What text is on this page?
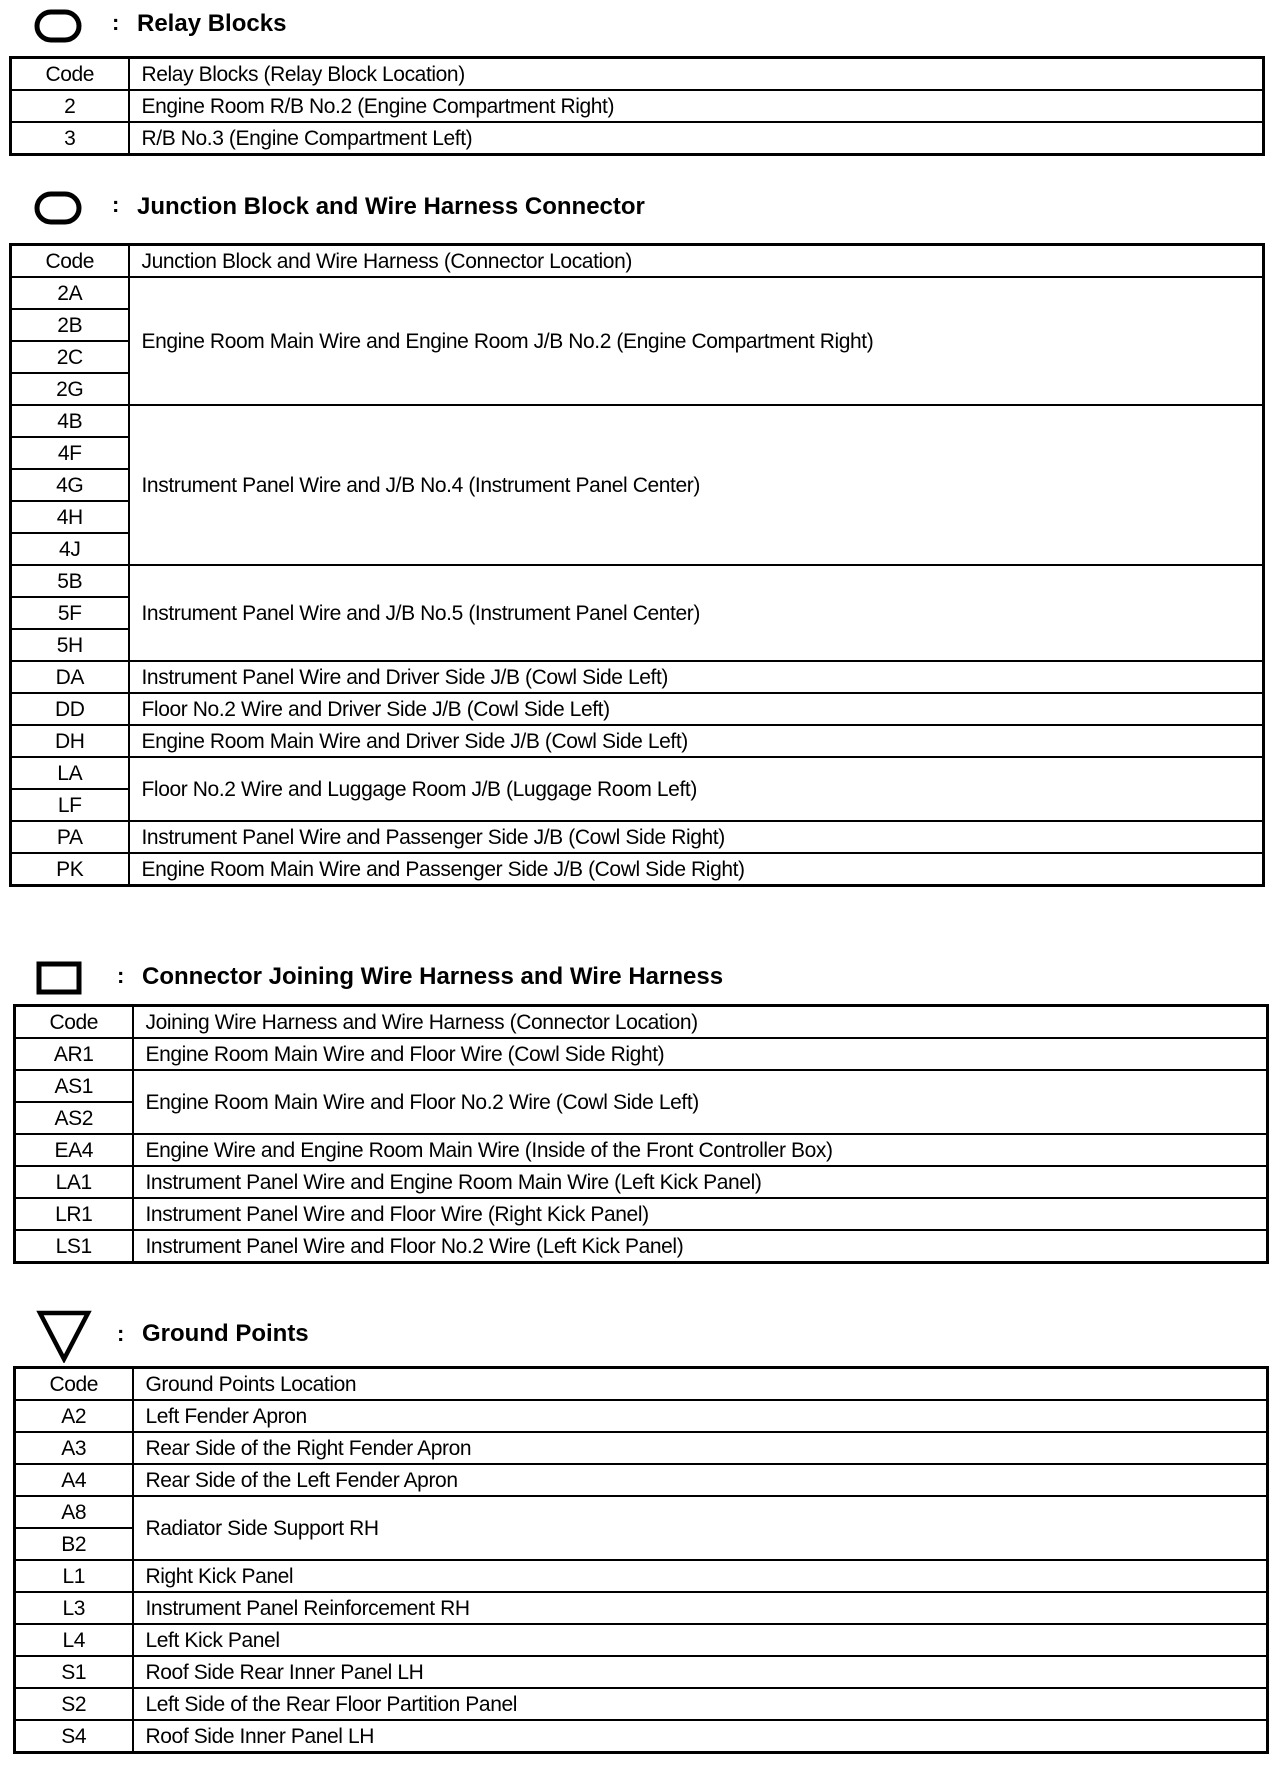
: Relay Blocks
Code	Relay Blocks (Relay Block Location)
2	Engine Room R/B No.2 (Engine Compartment Right)
3	R/B No.3 (Engine Compartment Left)
: Junction Block and Wire Harness Connector
Code	Junction Block and Wire Harness (Connector Location)
2A	Engine Room Main Wire and Engine Room J/B No.2 (Engine Compartment Right)
2B	
2C	
2G	
4B	Instrument Panel Wire and J/B No.4 (Instrument Panel Center)
4F	
4G	
4H	
4J	
5B	Instrument Panel Wire and J/B No.5 (Instrument Panel Center)
5F	
5H	
DA	Instrument Panel Wire and Driver Side J/B (Cowl Side Left)
DD	Floor No.2 Wire and Driver Side J/B (Cowl Side Left)
DH	Engine Room Main Wire and Driver Side J/B (Cowl Side Left)
LA	Floor No.2 Wire and Luggage Room J/B (Luggage Room Left)
LF	
PA	Instrument Panel Wire and Passenger Side J/B (Cowl Side Right)
PK	Engine Room Main Wire and Passenger Side J/B (Cowl Side Right)
: Connector Joining Wire Harness and Wire Harness
Code	Joining Wire Harness and Wire Harness (Connector Location)
AR1	Engine Room Main Wire and Floor Wire (Cowl Side Right)
AS1	Engine Room Main Wire and Floor No.2 Wire (Cowl Side Left)
AS2	
EA4	Engine Wire and Engine Room Main Wire (Inside of the Front Controller Box)
LA1	Instrument Panel Wire and Engine Room Main Wire (Left Kick Panel)
LR1	Instrument Panel Wire and Floor Wire (Right Kick Panel)
LS1	Instrument Panel Wire and Floor No.2 Wire (Left Kick Panel)
: Ground Points
Code	Ground Points Location
A2	Left Fender Apron
A3	Rear Side of the Right Fender Apron
A4	Rear Side of the Left Fender Apron
A8	Radiator Side Support RH
B2	
L1	Right Kick Panel
L3	Instrument Panel Reinforcement RH
L4	Left Kick Panel
S1	Roof Side Rear Inner Panel LH
S2	Left Side of the Rear Floor Partition Panel
S4	Roof Side Inner Panel LH
